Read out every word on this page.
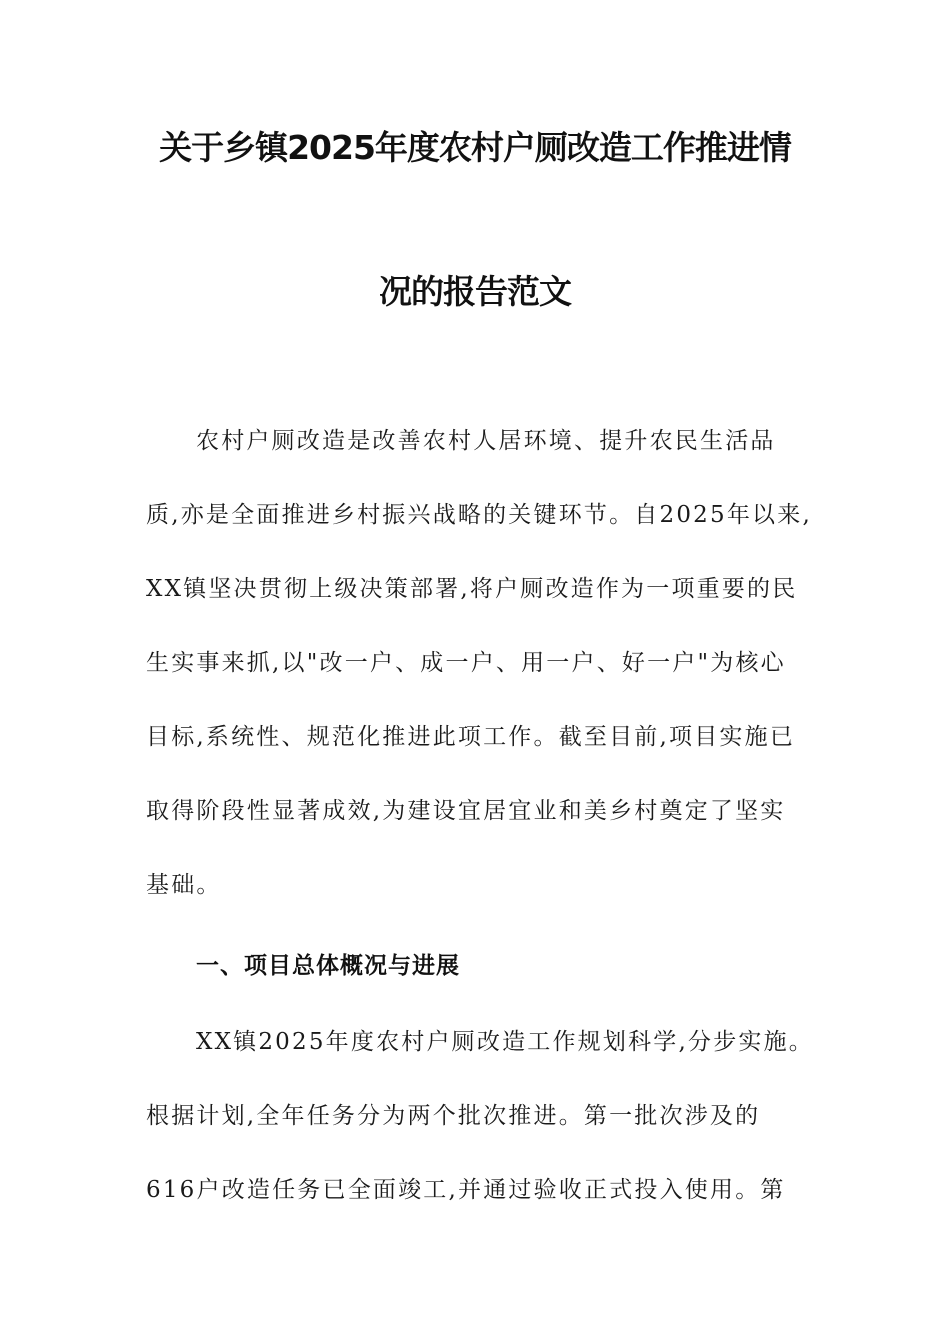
关于乡镇2025年度农村户厕改造工作推进情
况的报告范文
农村户厕改造是改善农村人居环境、提升农民生活品
质,亦是全面推进乡村振兴战略的关键环节。自2025年以来,
XX镇坚决贯彻上级决策部署,将户厕改造作为一项重要的民
生实事来抓,以"改一户、成一户、用一户、好一户"为核心
目标,系统性、规范化推进此项工作。截至目前,项目实施已
取得阶段性显著成效,为建设宜居宜业和美乡村奠定了坚实
基础。
一、项目总体概况与进展
XX镇2025年度农村户厕改造工作规划科学,分步实施。
根据计划,全年任务分为两个批次推进。第一批次涉及的
616户改造任务已全面竣工,并通过验收正式投入使用。第
